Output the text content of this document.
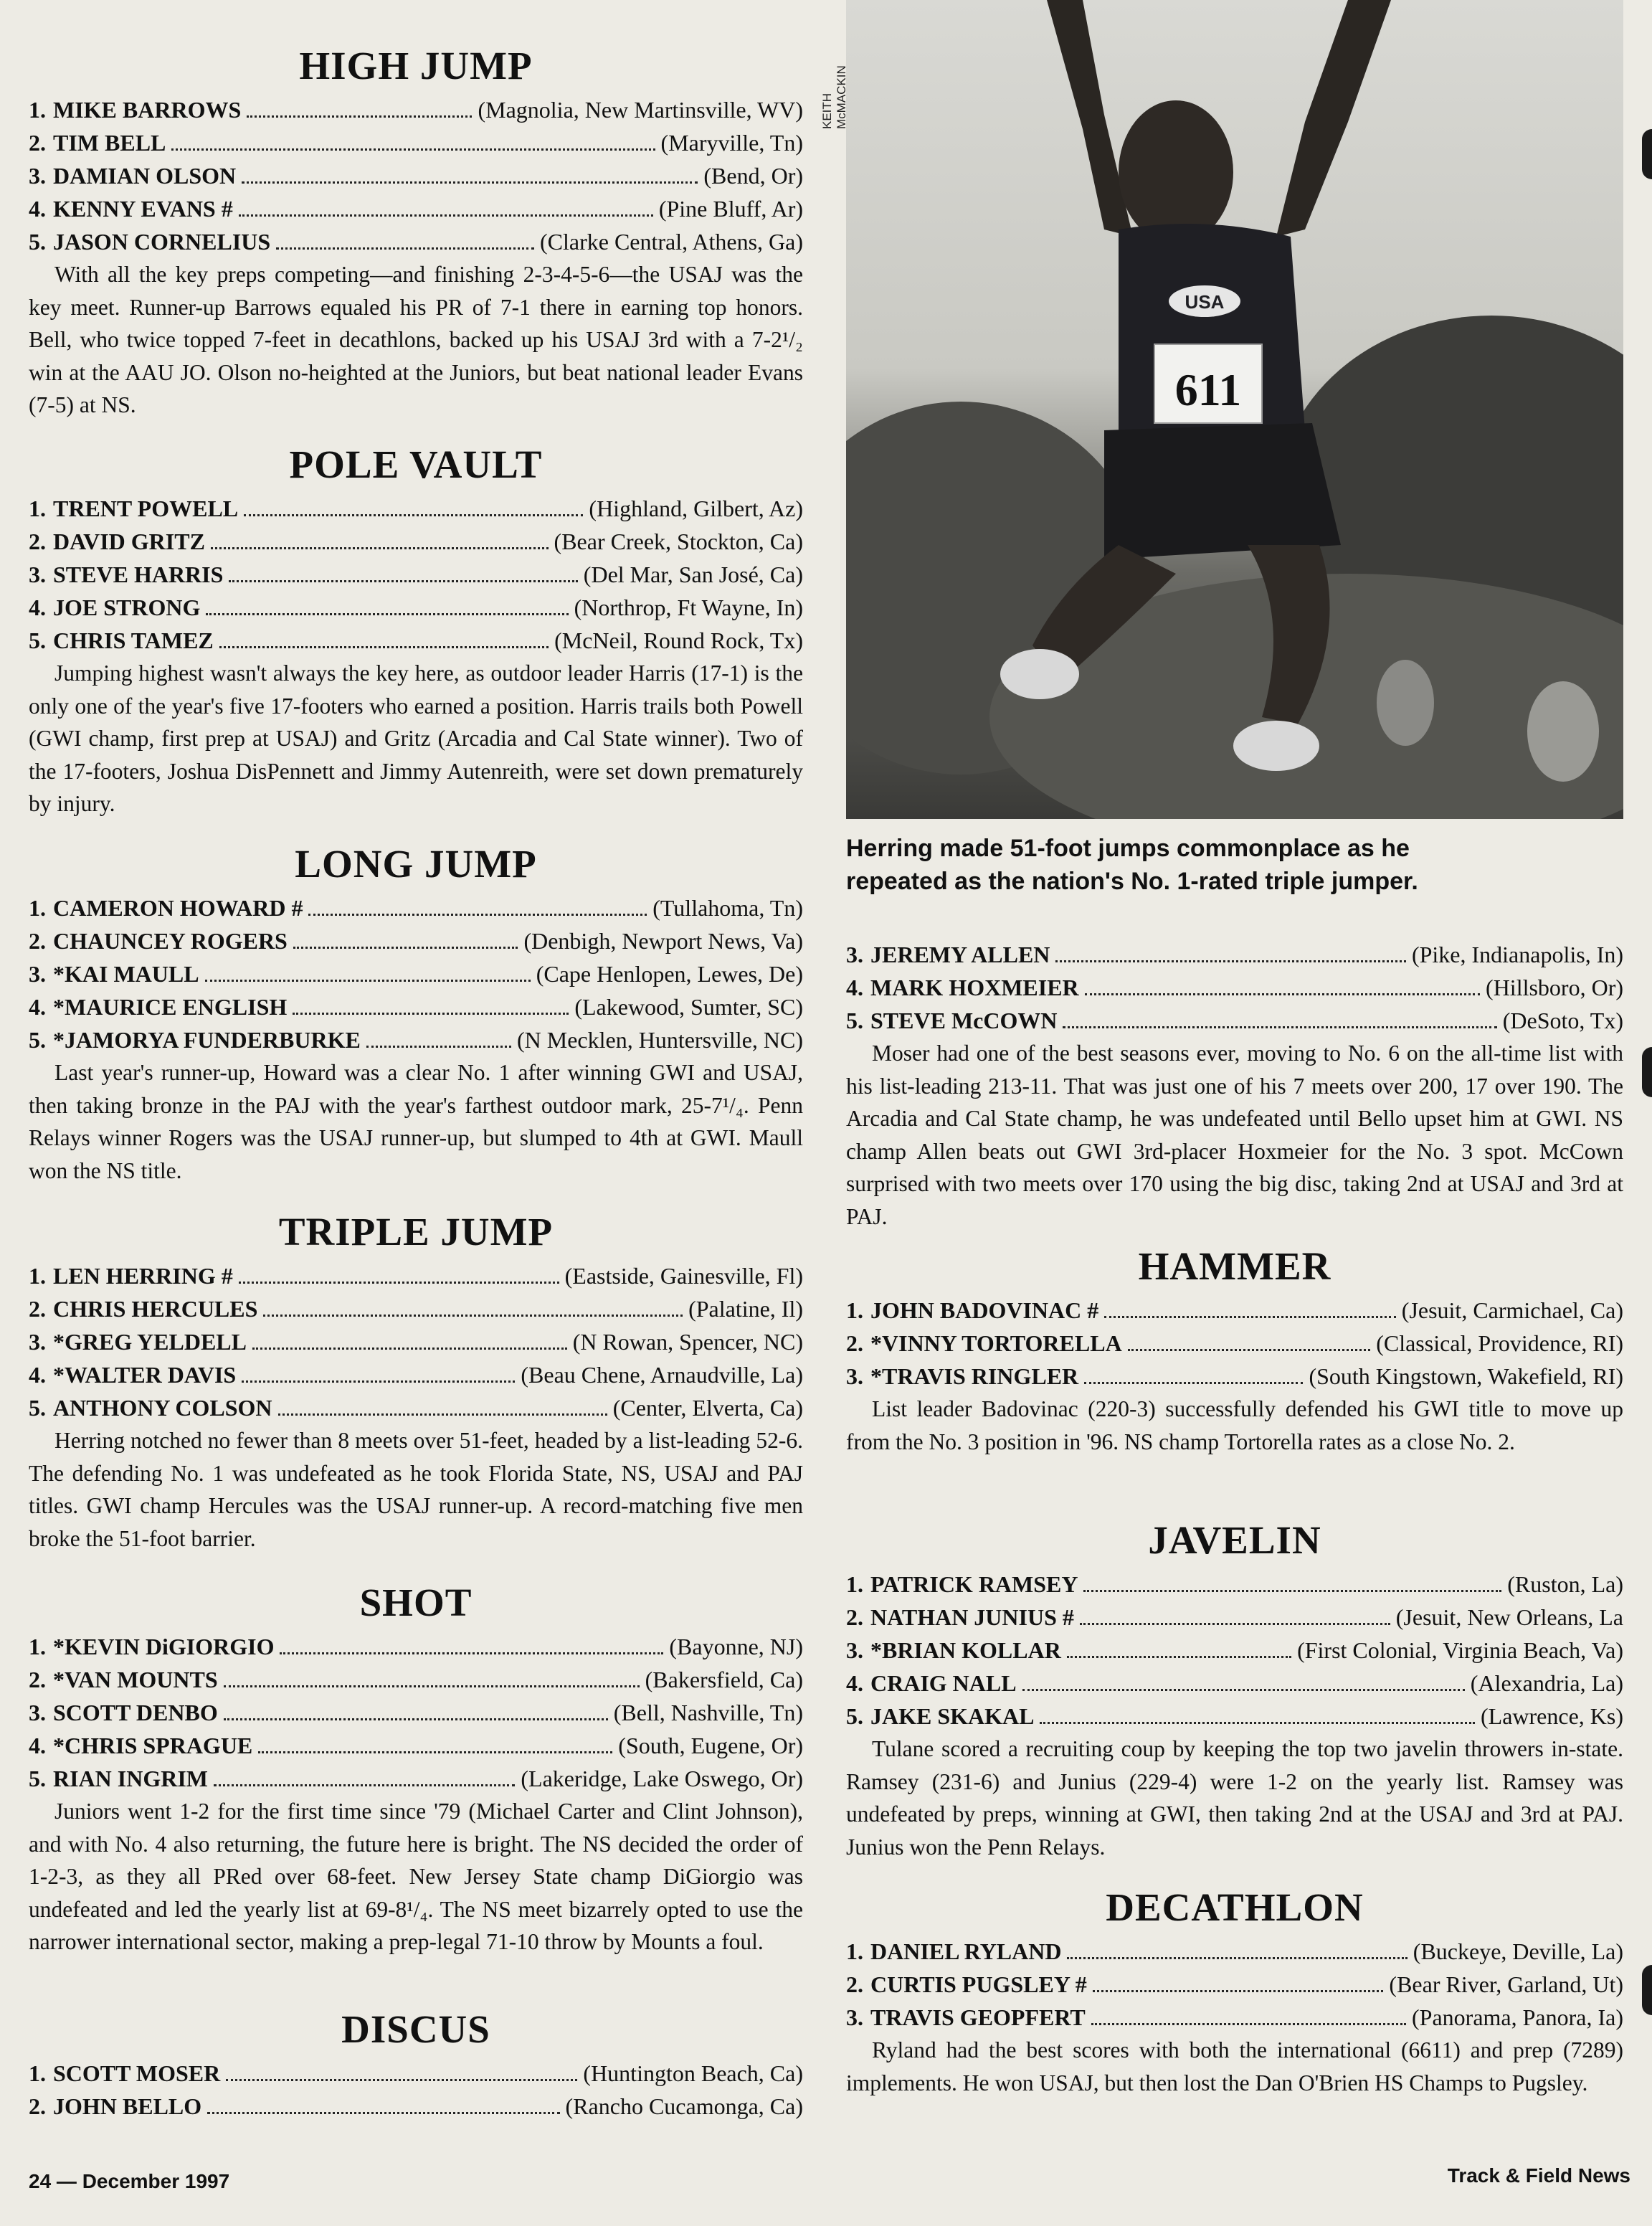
USA
611
KEITH McMACKIN
Herring made 51-foot jumps commonplace as he
repeated as the nation's No. 1-rated triple jumper.
HIGH JUMP
1. MIKE BARROWS	(Magnolia, New Martinsville, WV)
2. TIM BELL	(Maryville, Tn)
3. DAMIAN OLSON	(Bend, Or)
4. KENNY EVANS #	(Pine Bluff, Ar)
5. JASON CORNELIUS	(Clarke Central, Athens, Ga)

With all the key preps competing—and finishing 2-3-4-5-6—the USAJ was the key meet. Runner-up Barrows equaled his PR of 7-1 there in earning top honors. Bell, who twice topped 7-feet in decathlons, backed up his USAJ 3rd with a 7-2¹/₂ win at the AAU JO. Olson no-heighted at the Juniors, but beat national leader Evans (7-5) at NS.

POLE VAULT
1. TRENT POWELL	(Highland, Gilbert, Az)
2. DAVID GRITZ	(Bear Creek, Stockton, Ca)
3. STEVE HARRIS	(Del Mar, San José, Ca)
4. JOE STRONG	(Northrop, Ft Wayne, In)
5. CHRIS TAMEZ	(McNeil, Round Rock, Tx)

Jumping highest wasn't always the key here, as outdoor leader Harris (17-1) is the only one of the year's five 17-footers who earned a position. Harris trails both Powell (GWI champ, first prep at USAJ) and Gritz (Arcadia and Cal State winner). Two of the 17-footers, Joshua DisPennett and Jimmy Autenreith, were set down prematurely by injury.

LONG JUMP
1. CAMERON HOWARD #	(Tullahoma, Tn)
2. CHAUNCEY ROGERS	(Denbigh, Newport News, Va)
3. *KAI MAULL	(Cape Henlopen, Lewes, De)
4. *MAURICE ENGLISH	(Lakewood, Sumter, SC)
5. *JAMORYA FUNDERBURKE	(N Mecklen, Huntersville, NC)

Last year's runner-up, Howard was a clear No. 1 after winning GWI and USAJ, then taking bronze in the PAJ with the year's farthest outdoor mark, 25-7¹/₄. Penn Relays winner Rogers was the USAJ runner-up, but slumped to 4th at GWI. Maull won the NS title.

TRIPLE JUMP
1. LEN HERRING #	(Eastside, Gainesville, Fl)
2. CHRIS HERCULES	(Palatine, Il)
3. *GREG YELDELL	(N Rowan, Spencer, NC)
4. *WALTER DAVIS	(Beau Chene, Arnaudville, La)
5. ANTHONY COLSON	(Center, Elverta, Ca)

Herring notched no fewer than 8 meets over 51-feet, headed by a list-leading 52-6. The defending No. 1 was undefeated as he took Florida State, NS, USAJ and PAJ titles. GWI champ Hercules was the USAJ runner-up. A record-matching five men broke the 51-foot barrier.

SHOT
1. *KEVIN DiGIORGIO	(Bayonne, NJ)
2. *VAN MOUNTS	(Bakersfield, Ca)
3. SCOTT DENBO	(Bell, Nashville, Tn)
4. *CHRIS SPRAGUE	(South, Eugene, Or)
5. RIAN INGRIM	(Lakeridge, Lake Oswego, Or)

Juniors went 1-2 for the first time since '79 (Michael Carter and Clint Johnson), and with No. 4 also returning, the future here is bright. The NS decided the order of 1-2-3, as they all PRed over 68-feet. New Jersey State champ DiGiorgio was undefeated and led the yearly list at 69-8¹/₄. The NS meet bizarrely opted to use the narrower international sector, making a prep-legal 71-10 throw by Mounts a foul.

DISCUS
1. SCOTT MOSER	(Huntington Beach, Ca)
2. JOHN BELLO	(Rancho Cucamonga, Ca)
3. JEREMY ALLEN	(Pike, Indianapolis, In)
4. MARK HOXMEIER	(Hillsboro, Or)
5. STEVE McCOWN	(DeSoto, Tx)

Moser had one of the best seasons ever, moving to No. 6 on the all-time list with his list-leading 213-11. That was just one of his 7 meets over 200, 17 over 190. The Arcadia and Cal State champ, he was undefeated until Bello upset him at GWI. NS champ Allen beats out GWI 3rd-placer Hoxmeier for the No. 3 spot. McCown surprised with two meets over 170 using the big disc, taking 2nd at USAJ and 3rd at PAJ.

HAMMER
1. JOHN BADOVINAC #	(Jesuit, Carmichael, Ca)
2. *VINNY TORTORELLA	(Classical, Providence, RI)
3. *TRAVIS RINGLER	(South Kingstown, Wakefield, RI)

List leader Badovinac (220-3) successfully defended his GWI title to move up from the No. 3 position in '96. NS champ Tortorella rates as a close No. 2.

JAVELIN
1. PATRICK RAMSEY	(Ruston, La)
2. NATHAN JUNIUS #	(Jesuit, New Orleans, La
3. *BRIAN KOLLAR	(First Colonial, Virginia Beach, Va)
4. CRAIG NALL	(Alexandria, La)
5. JAKE SKAKAL	(Lawrence, Ks)

Tulane scored a recruiting coup by keeping the top two javelin throwers in-state. Ramsey (231-6) and Junius (229-4) were 1-2 on the yearly list. Ramsey was undefeated by preps, winning at GWI, then taking 2nd at the USAJ and 3rd at PAJ. Junius won the Penn Relays.

DECATHLON
1. DANIEL RYLAND	(Buckeye, Deville, La)
2. CURTIS PUGSLEY #	(Bear River, Garland, Ut)
3. TRAVIS GEOPFERT	(Panorama, Panora, Ia)

Ryland had the best scores with both the international (6611) and prep (7289) implements. He won USAJ, but then lost the Dan O'Brien HS Champs to Pugsley.

24 — December 1997	Track & Field News
